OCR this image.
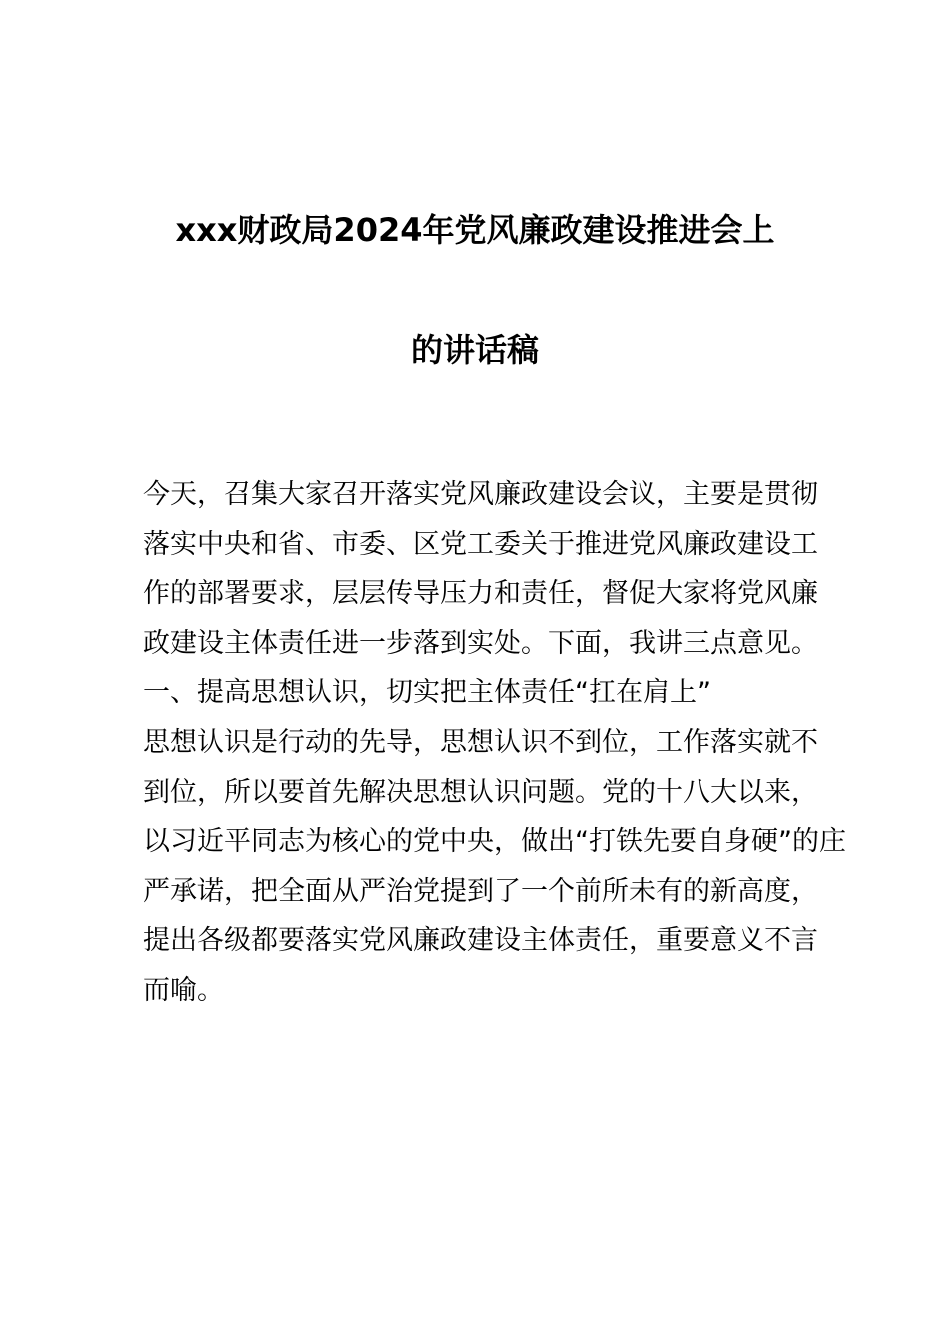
xxx财政局2024年党风廉政建设推进会上
的讲话稿
今天，召集大家召开落实党风廉政建设会议，主要是贯彻
落实中央和省、市委、区党工委关于推进党风廉政建设工
作的部署要求，层层传导压力和责任，督促大家将党风廉
政建设主体责任进一步落到实处。下面，我讲三点意见。
一、提高思想认识，切实把主体责任“扛在肩上”
思想认识是行动的先导，思想认识不到位，工作落实就不
到位，所以要首先解决思想认识问题。党的十八大以来，
以习近平同志为核心的党中央，做出“打铁先要自身硬”的庄
严承诺，把全面从严治党提到了一个前所未有的新高度，
提出各级都要落实党风廉政建设主体责任，重要意义不言
而喻。
